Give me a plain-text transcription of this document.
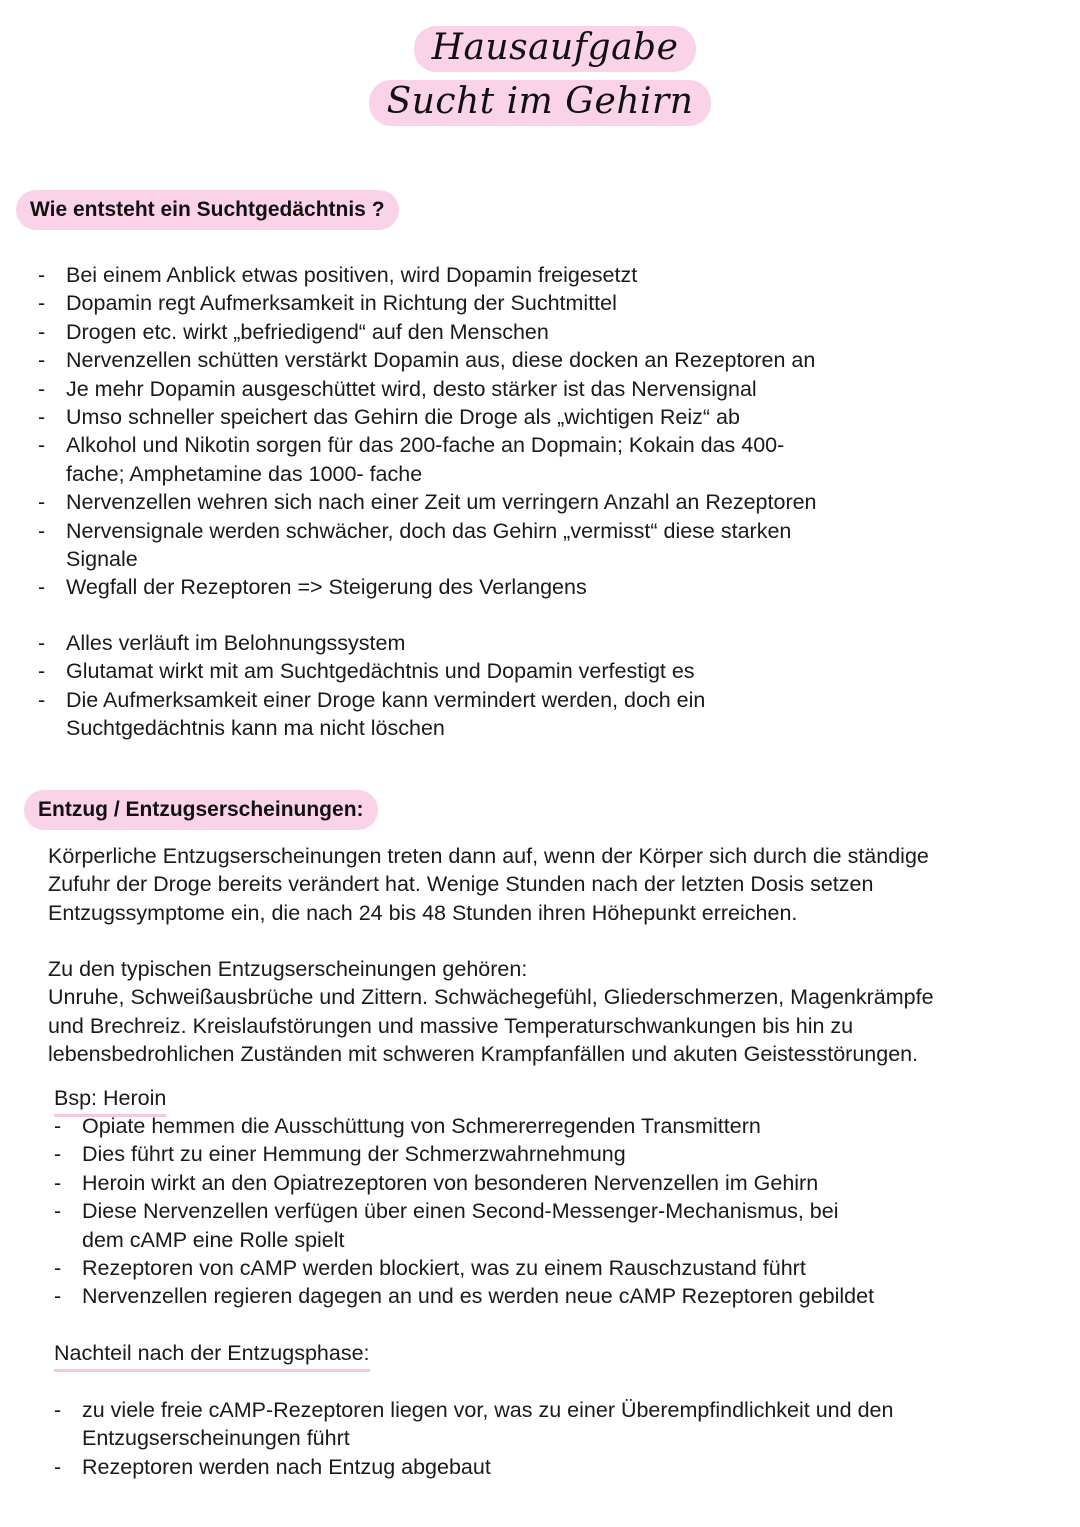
Hausaufgabe
Sucht im Gehirn
Wie entsteht ein Suchtgedächtnis ?
- Bei einem Anblick etwas positiven, wird Dopamin freigesetzt
- Dopamin regt Aufmerksamkeit in Richtung der Suchtmittel
- Drogen etc. wirkt „befriedigend“ auf den Menschen
- Nervenzellen schütten verstärkt Dopamin aus, diese docken an Rezeptoren an
- Je mehr Dopamin ausgeschüttet wird, desto stärker ist das Nervensignal
- Umso schneller speichert das Gehirn die Droge als „wichtigen Reiz“ ab
- Alkohol und Nikotin sorgen für das 200-fache an Dopmain; Kokain das 400-
fache; Amphetamine das 1000- fache
- Nervenzellen wehren sich nach einer Zeit um verringern Anzahl an Rezeptoren
- Nervensignale werden schwächer, doch das Gehirn „vermisst“ diese starken
Signale
- Wegfall der Rezeptoren => Steigerung des Verlangens
- Alles verläuft im Belohnungssystem
- Glutamat wirkt mit am Suchtgedächtnis und Dopamin verfestigt es
- Die Aufmerksamkeit einer Droge kann vermindert werden, doch ein
Suchtgedächtnis kann ma nicht löschen
Entzug / Entzugserscheinungen:

Körperliche Entzugserscheinungen treten dann auf, wenn der Körper sich durch die ständige
Zufuhr der Droge bereits verändert hat. Wenige Stunden nach der letzten Dosis setzen
Entzugssymptome ein, die nach 24 bis 48 Stunden ihren Höhepunkt erreichen.

Zu den typischen Entzugserscheinungen gehören:
Unruhe, Schweißausbrüche und Zittern. Schwächegefühl, Gliederschmerzen, Magenkrämpfe
und Brechreiz. Kreislaufstörungen und massive Temperaturschwankungen bis hin zu
lebensbedrohlichen Zuständen mit schweren Krampfanfällen und akuten Geistesstörungen.

Bsp: Heroin
- Opiate hemmen die Ausschüttung von Schmererregenden Transmittern
- Dies führt zu einer Hemmung der Schmerzwahrnehmung
- Heroin wirkt an den Opiatrezeptoren von besonderen Nervenzellen im Gehirn
- Diese Nervenzellen verfügen über einen Second-Messenger-Mechanismus, bei
dem cAMP eine Rolle spielt
- Rezeptoren von cAMP werden blockiert, was zu einem Rauschzustand führt
- Nervenzellen regieren dagegen an und es werden neue cAMP Rezeptoren gebildet
Nachteil nach der Entzugsphase:
- zu viele freie cAMP-Rezeptoren liegen vor, was zu einer Überempfindlichkeit und den
Entzugserscheinungen führt
- Rezeptoren werden nach Entzug abgebaut
